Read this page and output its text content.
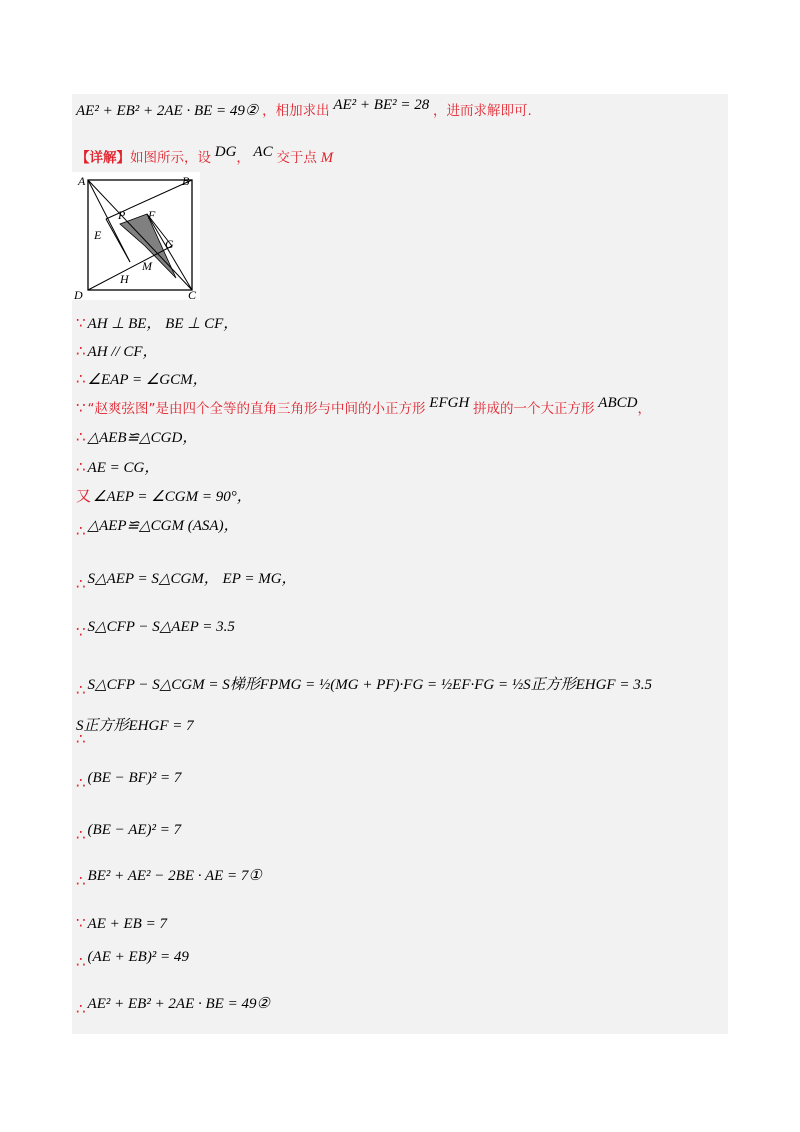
AE² + EB² + 2AE · BE = 49② ，相加求出 AE² + BE² = 28 ，进而求解即可.
【详解】如图所示，设 DG， AC 交于点 M
A	B
C
D
P F
E
G
M
H
∵ AH ⊥ BE， BE ⊥ CF，
∴ AH // CF，
∴ ∠EAP = ∠GCM，
∵ “赵爽弦图”是由四个全等的直角三角形与中间的小正方形 EFGH 拼成的一个大正方形 ABCD，
∴ △AEB≌△CGD，
∴ AE = CG，
又 ∠AEP = ∠CGM = 90°，
∴ △AEP≌△CGM (ASA)，
∴ S△AEP = S△CGM， EP = MG，
∵ S△CFP − S△AEP = 3.5
∴ S△CFP − S△CGM = S梯形FPMG = ½(MG + PF)·FG = ½EF·FG = ½S正方形EHGF = 3.5
S正方形EHGF = 7
∴
∴ (BE − BF)² = 7
∴ (BE − AE)² = 7
∴ BE² + AE² − 2BE · AE = 7①
∵ AE + EB = 7
∴ (AE + EB)² = 49
∴ AE² + EB² + 2AE · BE = 49②
